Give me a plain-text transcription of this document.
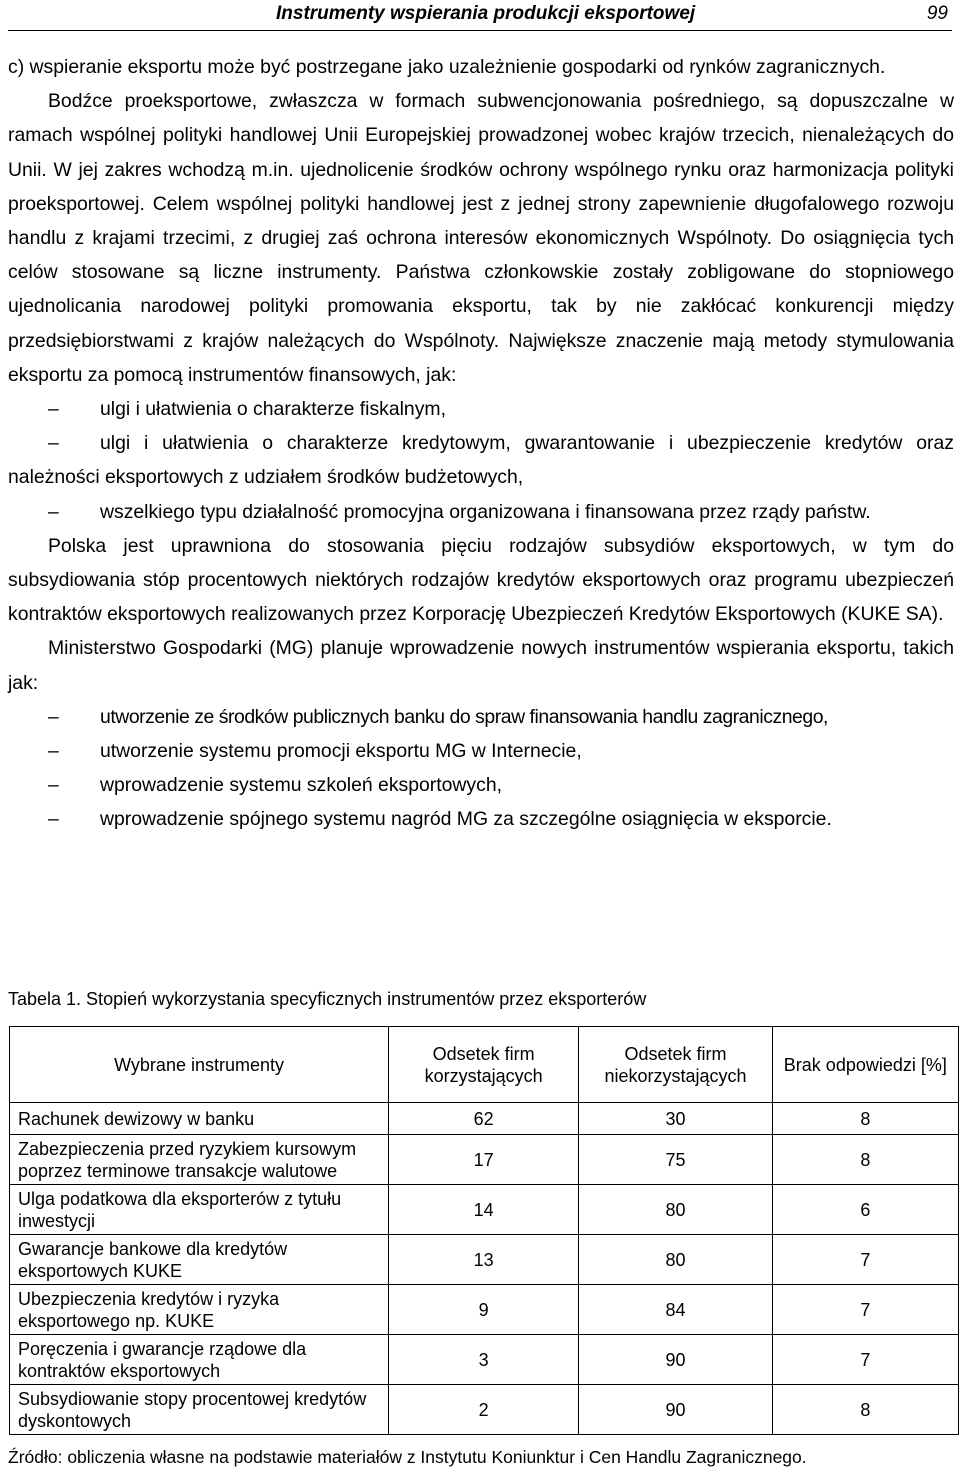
Instrumenty wspierania produkcji eksportowej	99

c) wspieranie eksportu może być postrzegane jako uzależnienie gospodarki od rynków zagranicznych.

Bodźce proeksportowe, zwłaszcza w formach subwencjonowania pośredniego, są dopuszczalne w ramach wspólnej polityki handlowej Unii Europejskiej prowadzonej wobec krajów trzecich, nienależących do Unii. W jej zakres wchodzą m.in. ujednolicenie środków ochrony wspólnego rynku oraz harmonizacja polityki proeksportowej. Celem wspólnej polityki handlowej jest z jednej strony zapewnienie długofalowego rozwoju handlu z krajami trzecimi, z drugiej zaś ochrona interesów ekonomicznych Wspólnoty. Do osiągnięcia tych celów stosowane są liczne instrumenty. Państwa członkowskie zostały zobligowane do stopniowego ujednolicania narodowej polityki promowania eksportu, tak by nie zakłócać konkurencji między przedsiębiorstwami z krajów należących do Wspólnoty. Największe znaczenie mają metody stymulowania eksportu za pomocą instrumentów finansowych, jak:

– ulgi i ułatwienia o charakterze fiskalnym,

– ulgi i ułatwienia o charakterze kredytowym, gwarantowanie i ubezpieczenie kredytów oraz należności eksportowych z udziałem środków budżetowych,

– wszelkiego typu działalność promocyjna organizowana i finansowana przez rządy państw.

Polska jest uprawniona do stosowania pięciu rodzajów subsydiów eksportowych, w tym do subsydiowania stóp procentowych niektórych rodzajów kredytów eksportowych oraz programu ubezpieczeń kontraktów eksportowych realizowanych przez Korporację Ubezpieczeń Kredytów Eksportowych (KUKE SA).

Ministerstwo Gospodarki (MG) planuje wprowadzenie nowych instrumentów wspierania eksportu, takich jak:

– utworzenie ze środków publicznych banku do spraw finansowania handlu zagranicznego,

– utworzenie systemu promocji eksportu MG w Internecie,

– wprowadzenie systemu szkoleń eksportowych,

– wprowadzenie spójnego systemu nagród MG za szczególne osiągnięcia w eksporcie.

Tabela 1. Stopień wykorzystania specyficznych instrumentów przez eksporterów
Wybrane instrumenty	Odsetek firm korzystających	Odsetek firm niekorzystających	Brak odpowiedzi [%]
Rachunek dewizowy w banku	62	30	8
Zabezpieczenia przed ryzykiem kursowym poprzez terminowe transakcje walutowe	17	75	8
Ulga podatkowa dla eksporterów z tytułu inwestycji	14	80	6
Gwarancje bankowe dla kredytów eksportowych KUKE	13	80	7
Ubezpieczenia kredytów i ryzyka eksportowego np. KUKE	9	84	7
Poręczenia i gwarancje rządowe dla kontraktów eksportowych	3	90	7
Subsydiowanie stopy procentowej kredytów dyskontowych	2	90	8
Źródło: obliczenia własne na podstawie materiałów z Instytutu Koniunktur i Cen Handlu Zagranicznego.
